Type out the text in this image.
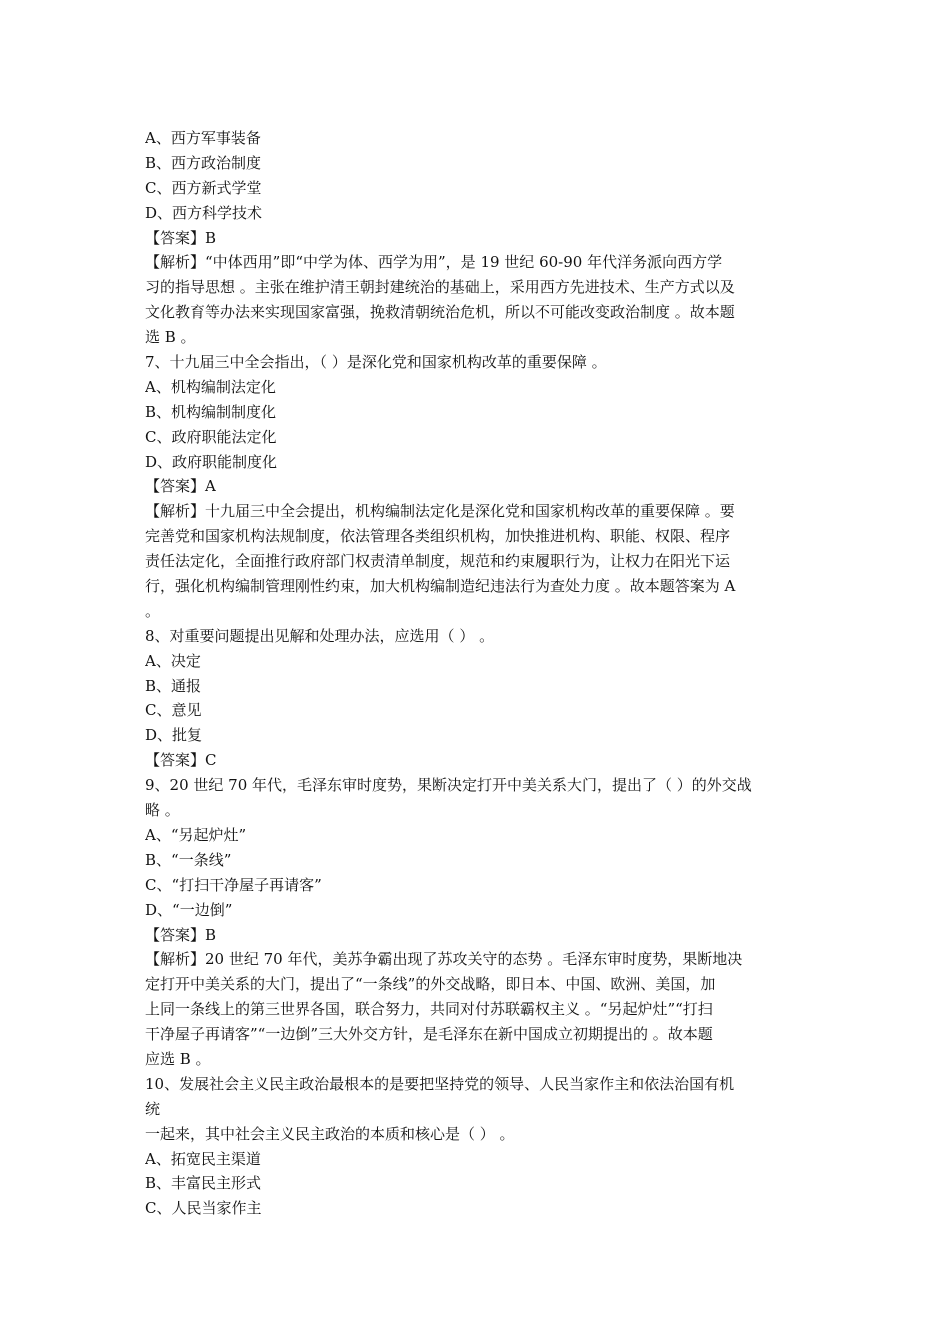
A、西方军事装备
B、西方政治制度
C、西方新式学堂
D、西方科学技术
【答案】B
【解析】“中体西用”即“中学为体、西学为用”，是 19 世纪 60-90 年代洋务派向西方学
习的指导思想 。主张在维护清王朝封建统治的基础上，采用西方先进技术、生产方式以及
文化教育等办法来实现国家富强，挽救清朝统治危机，所以不可能改变政治制度 。故本题
选 B 。
7、十九届三中全会指出，（ ）是深化党和国家机构改革的重要保障 。
A、机构编制法定化
B、机构编制制度化
C、政府职能法定化
D、政府职能制度化
【答案】A
【解析】十九届三中全会提出，机构编制法定化是深化党和国家机构改革的重要保障 。要
完善党和国家机构法规制度，依法管理各类组织机构，加快推进机构、职能、权限、程序
责任法定化，全面推行政府部门权责清单制度，规范和约束履职行为，让权力在阳光下运
行，强化机构编制管理刚性约束，加大机构编制造纪违法行为查处力度 。故本题答案为 A
。
8、对重要问题提出见解和处理办法，应选用（ ） 。
A、决定
B、通报
C、意见
D、批复
【答案】C
9、20 世纪 70 年代，毛泽东审时度势，果断决定打开中美关系大门，提出了（ ）的外交战
略 。
A、“另起炉灶”
B、“一条线”
C、“打扫干净屋子再请客”
D、“一边倒”
【答案】B
【解析】20 世纪 70 年代，美苏争霸出现了苏攻关守的态势 。毛泽东审时度势，果断地决
定打开中美关系的大门，提出了“一条线”的外交战略，即日本、中国、欧洲、美国，加
上同一条线上的第三世界各国，联合努力，共同对付苏联霸权主义 。“另起炉灶”“打扫
干净屋子再请客”“一边倒”三大外交方针，是毛泽东在新中国成立初期提出的 。故本题
应选 B 。
10、发展社会主义民主政治最根本的是要把坚持党的领导、人民当家作主和依法治国有机
统
一起来，其中社会主义民主政治的本质和核心是（ ） 。
A、拓宽民主渠道
B、丰富民主形式
C、人民当家作主
